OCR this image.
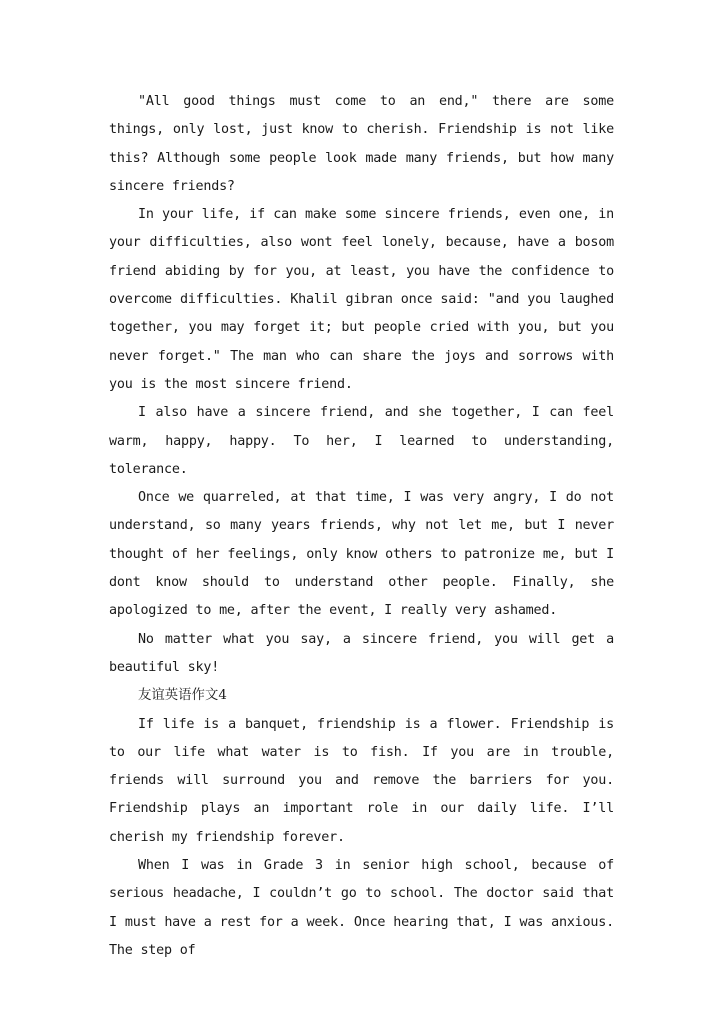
"All good things must come to an end," there are some things, only lost, just know to cherish. Friendship is not like this? Although some people look made many friends, but how many sincere friends?

In your life, if can make some sincere friends, even one, in your difficulties, also wont feel lonely, because, have a bosom friend abiding by for you, at least, you have the confidence to overcome difficulties. Khalil gibran once said: "and you laughed together, you may forget it; but people cried with you, but you never forget." The man who can share the joys and sorrows with you is the most sincere friend.

I also have a sincere friend, and she together, I can feel warm, happy, happy. To her, I learned to understanding, tolerance.

Once we quarreled, at that time, I was very angry, I do not understand, so many years friends, why not let me, but I never thought of her feelings, only know others to patronize me, but I dont know should to understand other people. Finally, she apologized to me, after the event, I really very ashamed.

No matter what you say, a sincere friend, you will get a beautiful sky!

友谊英语作文4

If life is a banquet, friendship is a flower. Friendship is to our life what water is to fish. If you are in trouble, friends will surround you and remove the barriers for you. Friendship plays an important role in our daily life. I’ll cherish my friendship forever.

When I was in Grade 3 in senior high school, because of serious headache, I couldn’t go to school. The doctor said that I must have a rest for a week. Once hearing that, I was anxious. The step of
